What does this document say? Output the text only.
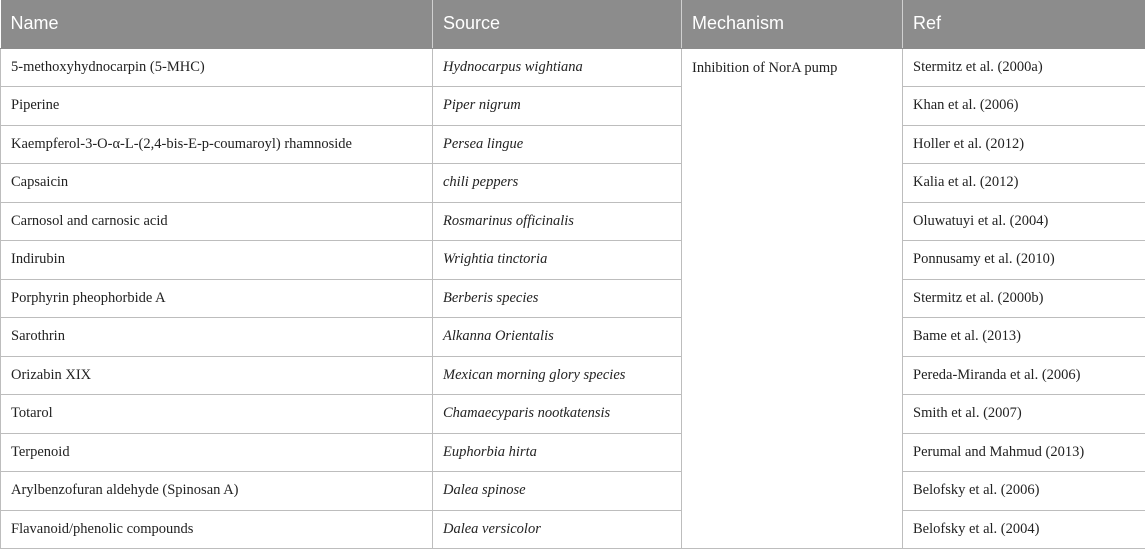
Name	Source	Mechanism	Ref
5-methoxyhydnocarpin (5-MHC)	Hydnocarpus wightiana	Inhibition of NorA pump	Stermitz et al. (2000a)
Piperine	Piper nigrum		Khan et al. (2006)
Kaempferol-3-O-α-L-(2,4-bis-E-p-coumaroyl) rhamnoside	Persea lingue		Holler et al. (2012)
Capsaicin	chili peppers		Kalia et al. (2012)
Carnosol and carnosic acid	Rosmarinus officinalis		Oluwatuyi et al. (2004)
Indirubin	Wrightia tinctoria		Ponnusamy et al. (2010)
Porphyrin pheophorbide A	Berberis species		Stermitz et al. (2000b)
Sarothrin	Alkanna Orientalis		Bame et al. (2013)
Orizabin XIX	Mexican morning glory species		Pereda-Miranda et al. (2006)
Totarol	Chamaecyparis nootkatensis		Smith et al. (2007)
Terpenoid	Euphorbia hirta		Perumal and Mahmud (2013)
Arylbenzofuran aldehyde (Spinosan A)	Dalea spinose		Belofsky et al. (2006)
Flavanoid/phenolic compounds	Dalea versicolor		Belofsky et al. (2004)
